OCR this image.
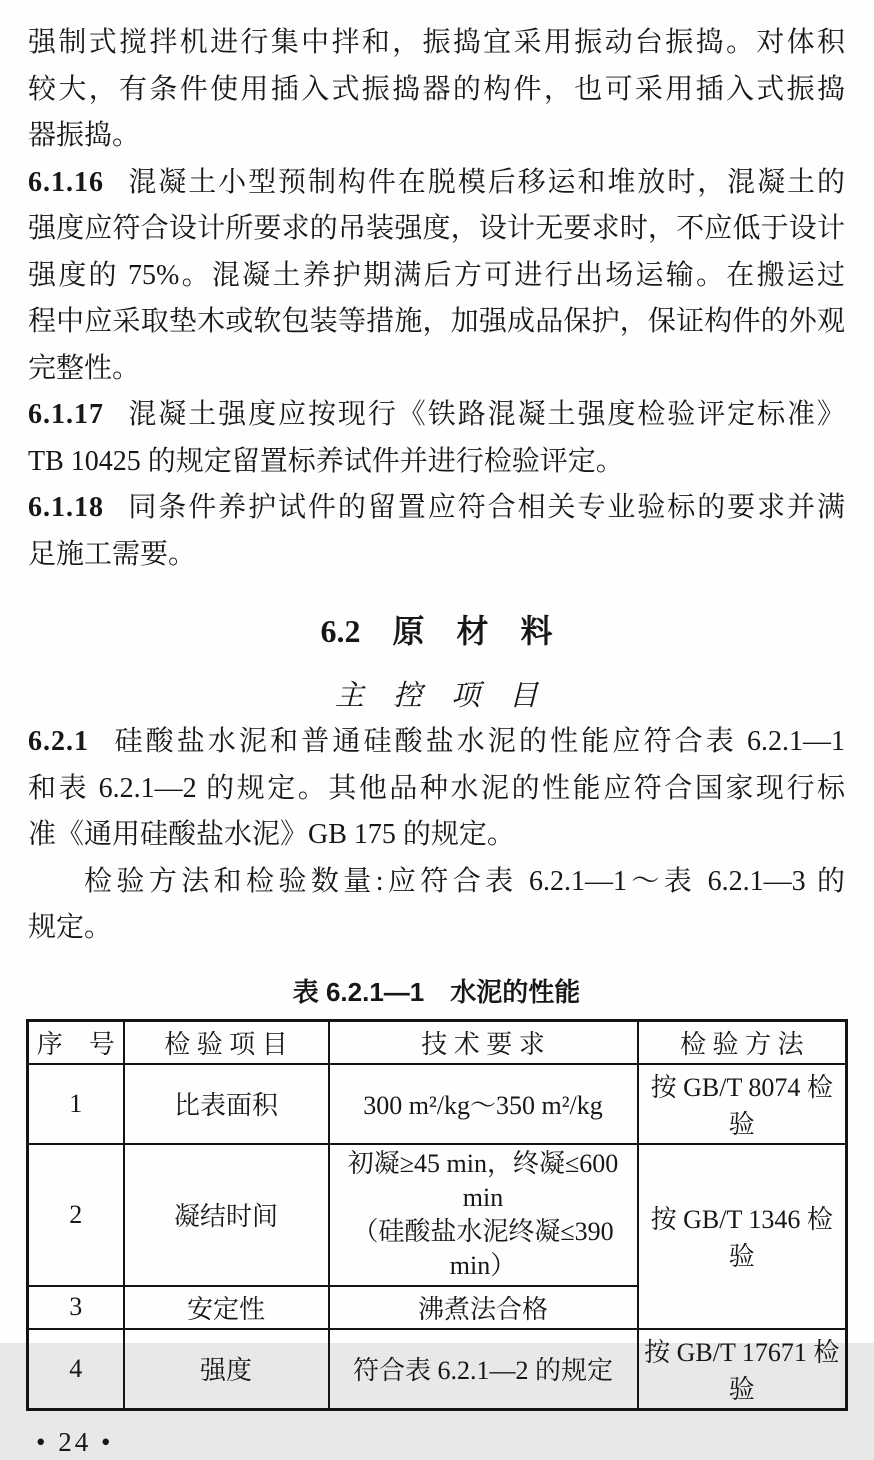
强制式搅拌机进行集中拌和，振捣宜采用振动台振捣。对体积
较大，有条件使用插入式振捣器的构件，也可采用插入式振捣
器振捣。
6.1.16 混凝土小型预制构件在脱模后移运和堆放时，混凝土的
强度应符合设计所要求的吊装强度，设计无要求时，不应低于设计
强度的 75%。混凝土养护期满后方可进行出场运输。在搬运过
程中应采取垫木或软包装等措施，加强成品保护，保证构件的外观
完整性。
6.1.17 混凝土强度应按现行《铁路混凝土强度检验评定标准》
TB 10425 的规定留置标养试件并进行检验评定。
6.1.18 同条件养护试件的留置应符合相关专业验标的要求并满
足施工需要。
6.2　原　材　料
主　控　项　目
6.2.1 硅酸盐水泥和普通硅酸盐水泥的性能应符合表 6.2.1—1
和表 6.2.1—2 的规定。其他品种水泥的性能应符合国家现行标
准《通用硅酸盐水泥》GB 175 的规定。
检验方法和检验数量:应符合表 6.2.1—1～表 6.2.1—3 的
规定。
表 6.2.1—1　水泥的性能
序　号	检 验 项 目	技 术 要 求	检 验 方 法
1	比表面积	300 m²/kg～350 m²/kg	按 GB/T 8074 检验
2	凝结时间	初凝≥45 min，终凝≤600 min
（硅酸盐水泥终凝≤390 min）	按 GB/T 1346 检验
3	安定性	沸煮法合格	
4	强度	符合表 6.2.1—2 的规定	按 GB/T 17671 检验
• 24 •
